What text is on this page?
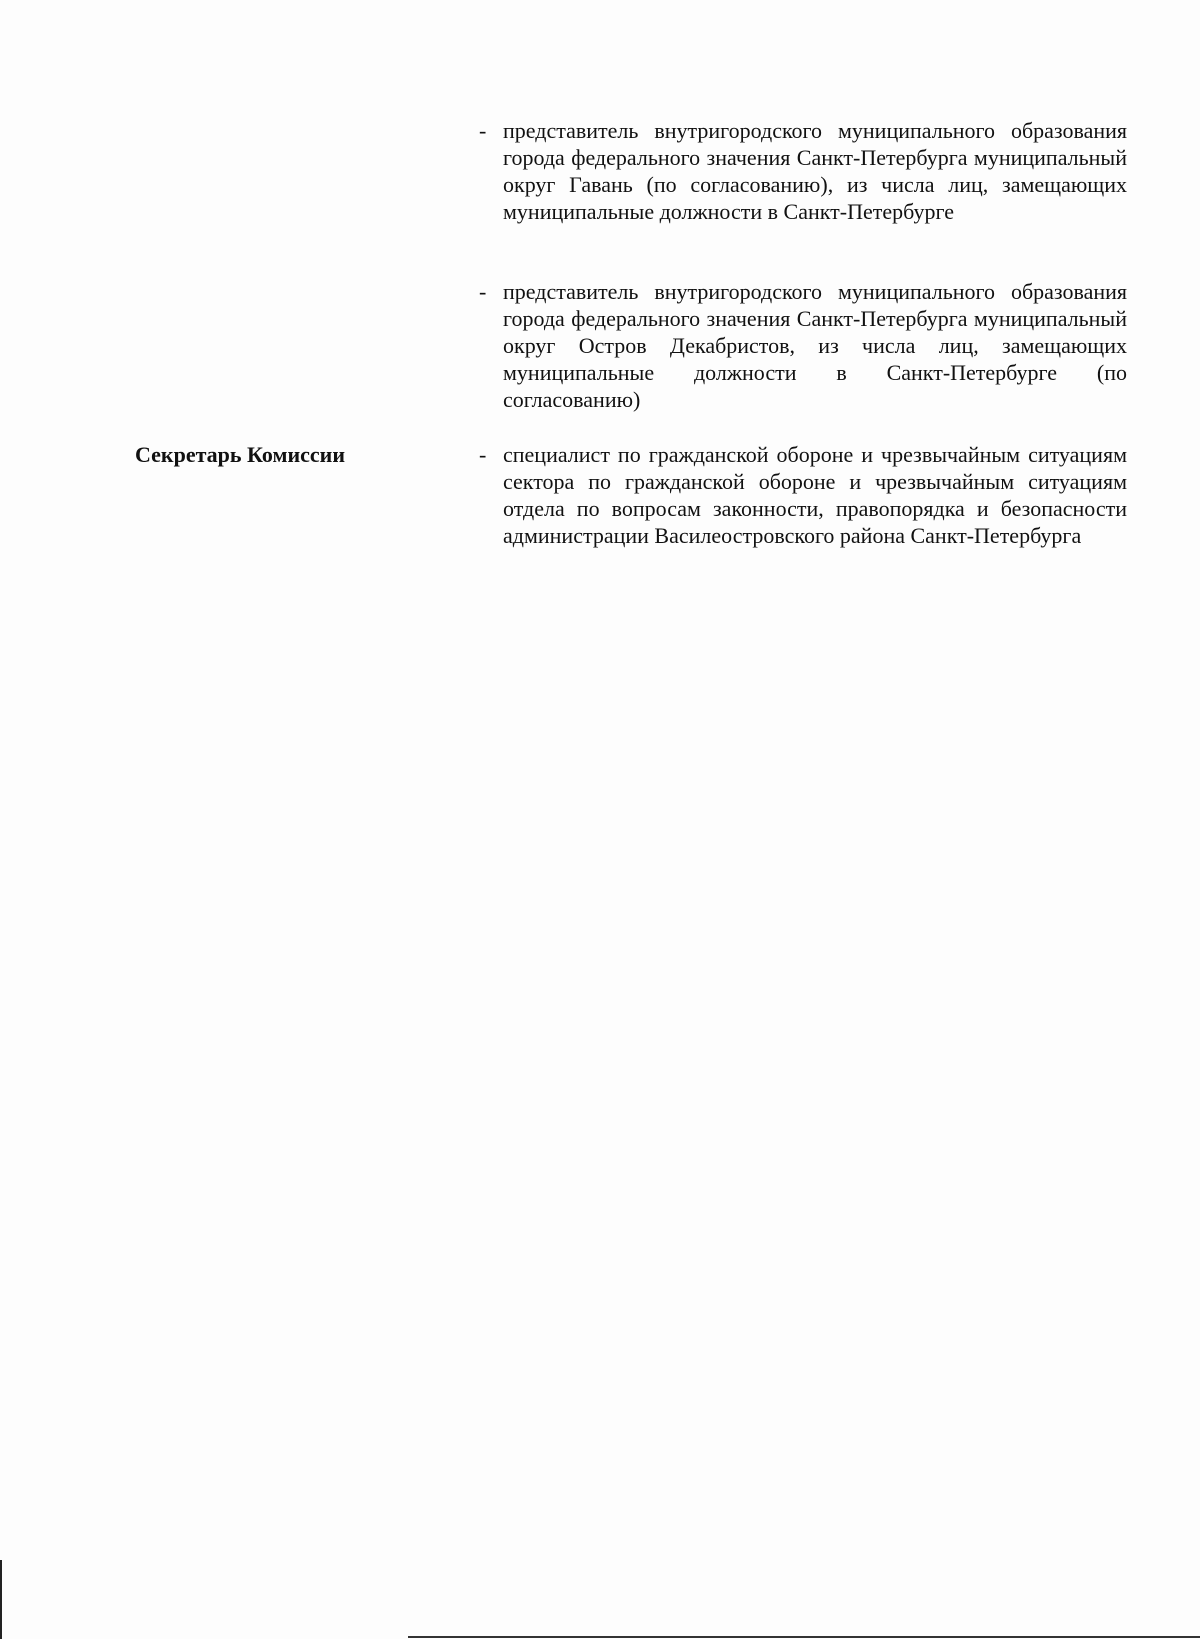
- представитель внутригородского муниципального образования города федерального значения Санкт-Петербурга муниципальный округ Гавань (по согласованию), из числа лиц, замещающих муниципальные должности в Санкт-Петербурге

- представитель внутригородского муниципального образования города федерального значения Санкт-Петербурга муниципальный округ Остров Декабристов, из числа лиц, замещающих муниципальные должности в Санкт-Петербурге (по согласованию)

Секретарь Комиссии	- специалист по гражданской обороне и чрезвычайным ситуациям сектора по гражданской обороне и чрезвычайным ситуациям отдела по вопросам законности, правопорядка и безопасности администрации Василеостровского района Санкт-Петербурга
